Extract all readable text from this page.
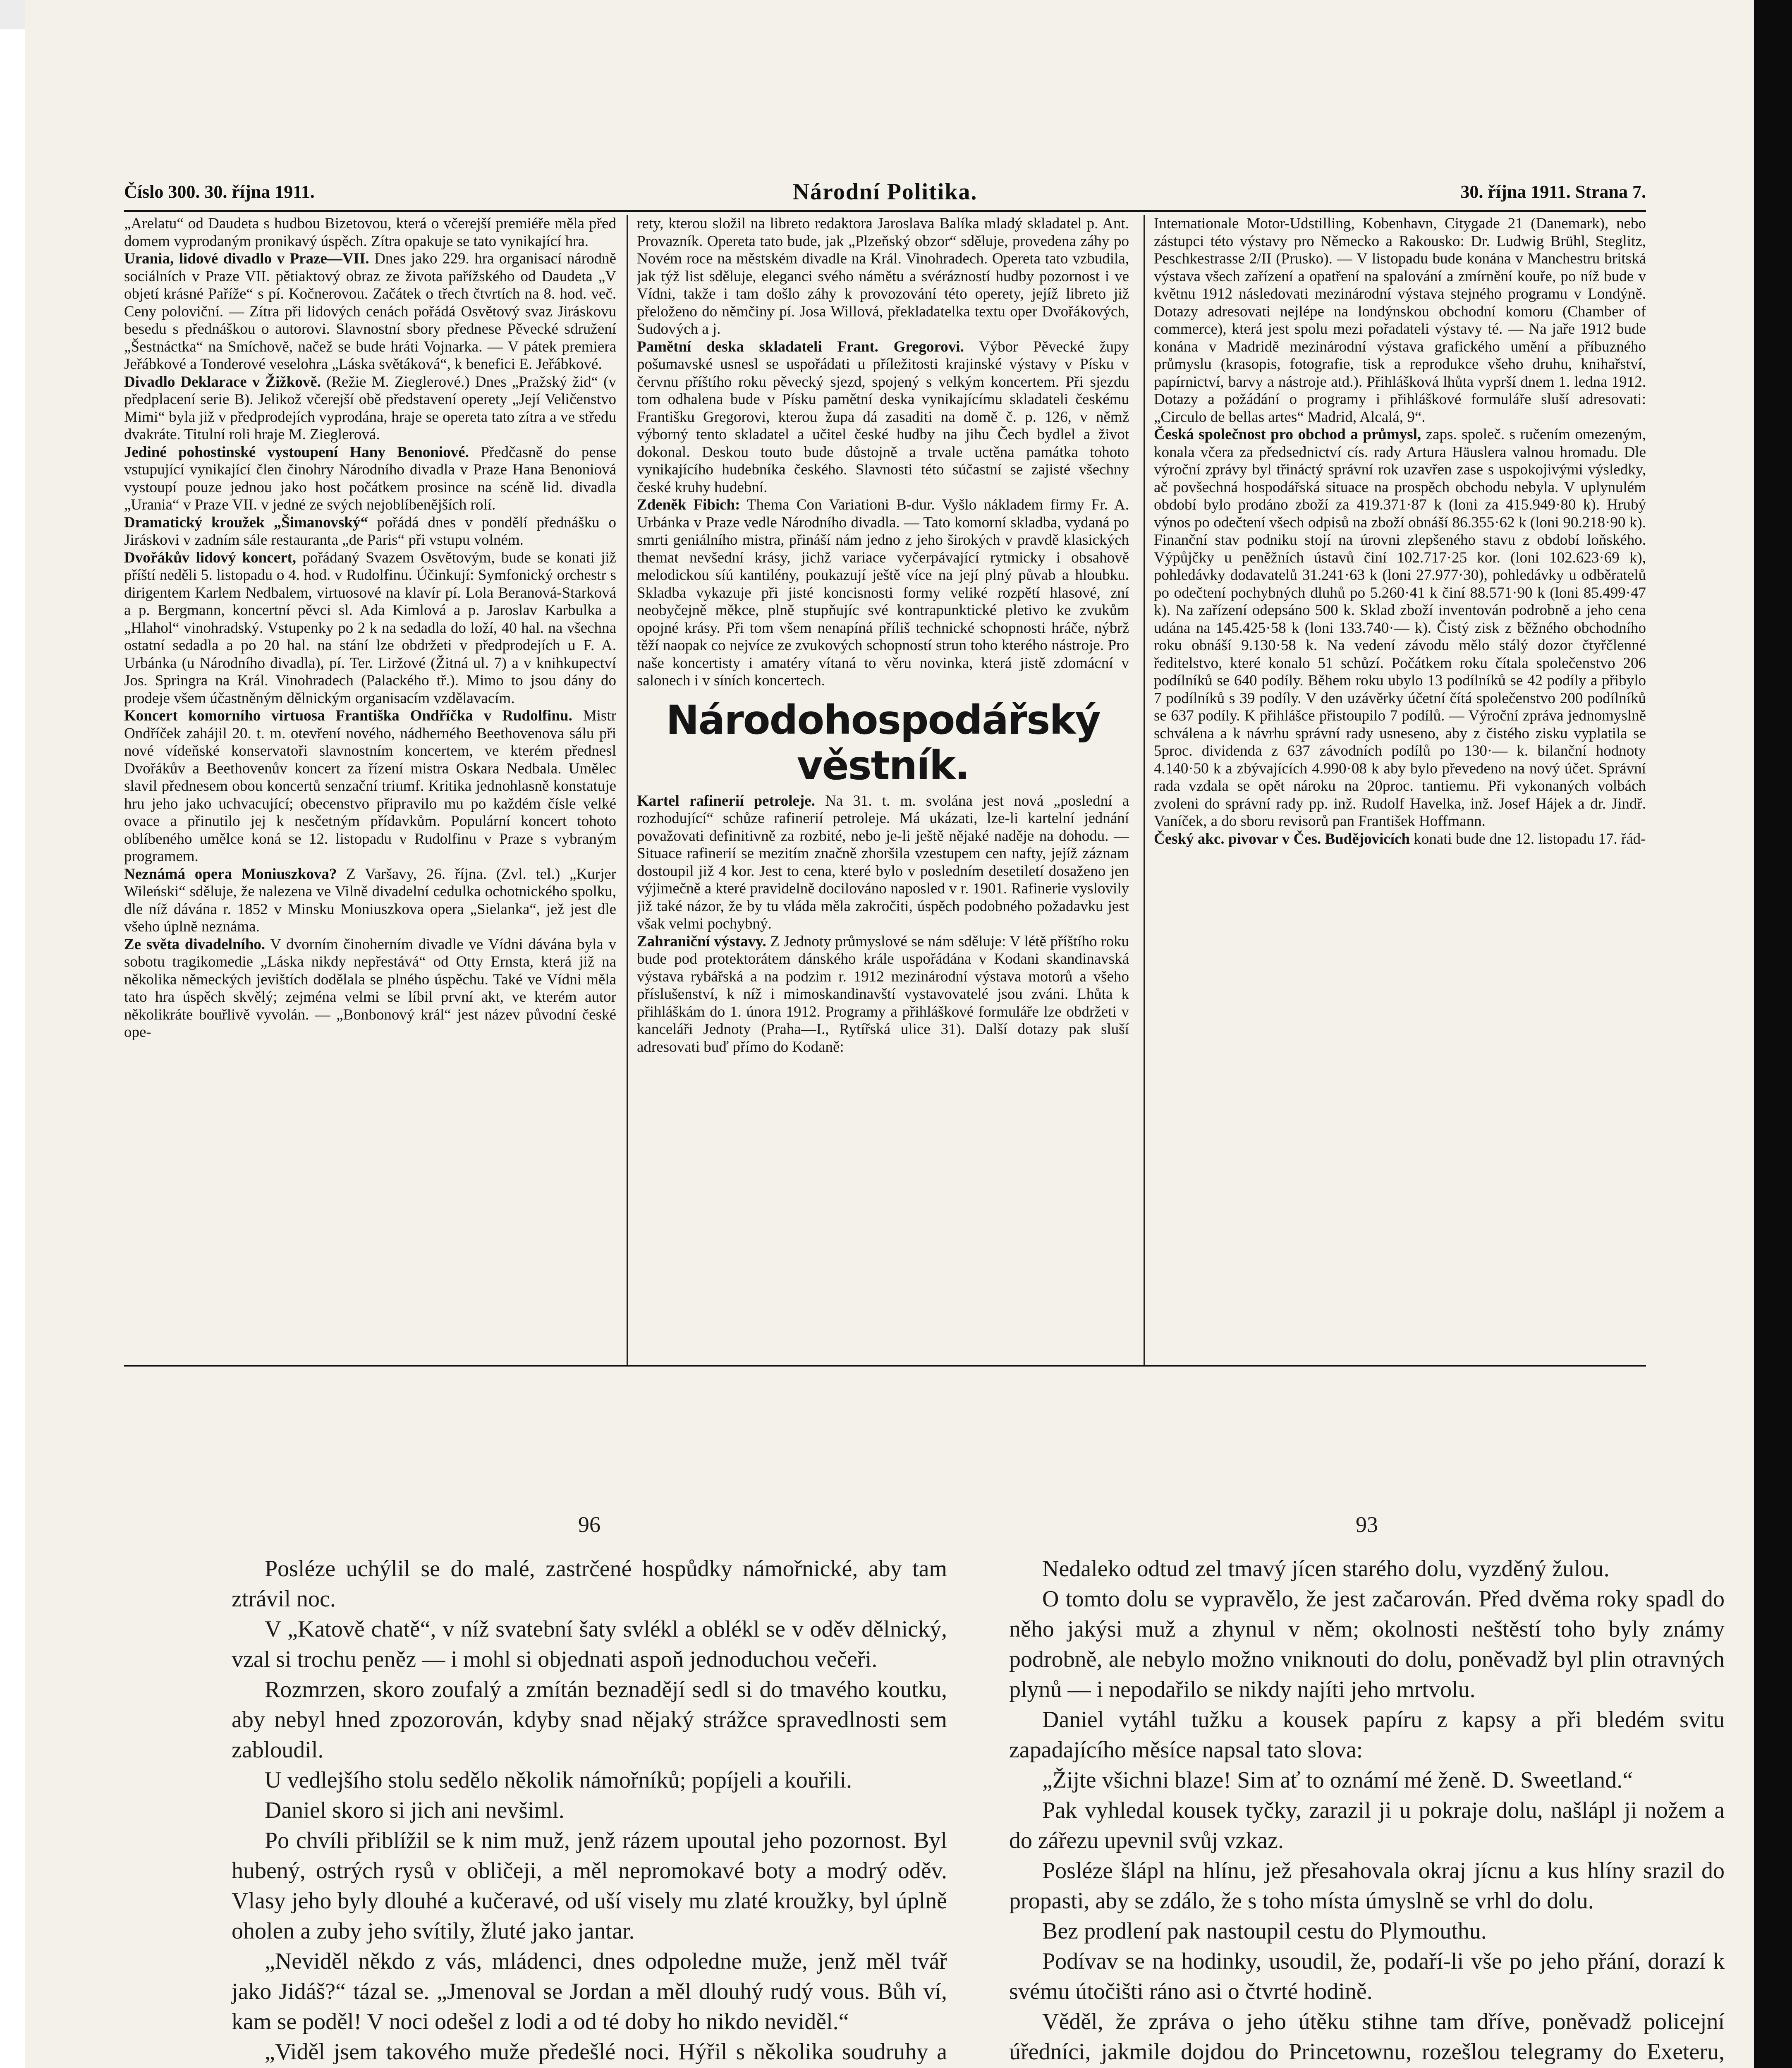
Číslo 300. 30. října 1911.	Národní Politika.	30. října 1911. Strana 7.

„Arelatu“ od Daudeta s hudbou Bizetovou, která o včerejší premiéře měla před domem vyprodaným pronikavý úspěch. Zítra opakuje se tato vynikající hra.

Urania, lidové divadlo v Praze—VII. Dnes jako 229. hra organisací národně sociálních v Praze VII. pětiaktový obraz ze života pařížského od Daudeta „V objetí krásné Paříže“ s pí. Kočnerovou. Začátek o třech čtvrtích na 8. hod. več. Ceny poloviční. — Zítra při lidových cenách pořádá Osvětový svaz Jiráskovu besedu s přednáškou o autorovi. Slavnostní sbory přednese Pěvecké sdružení „Šestnáctka“ na Smíchově, načež se bude hráti Vojnarka. — V pátek premiera Jeřábkové a Tonderové veselohra „Láska světáková“, k benefici E. Jeřábkové.

Divadlo Deklarace v Žižkově. (Režie M. Zieglerové.) Dnes „Pražský žid“ (v předplacení serie B). Jelikož včerejší obě představení operety „Její Veličenstvo Mimi“ byla již v předprodejích vyprodána, hraje se opereta tato zítra a ve středu dvakráte. Titulní roli hraje M. Zieglerová.

Jediné pohostinské vystoupení Hany Benoniové. Předčasně do pense vstupující vynikající člen činohry Národního divadla v Praze Hana Benoniová vystoupí pouze jednou jako host počátkem prosince na scéně lid. divadla „Urania“ v Praze VII. v jedné ze svých nejoblíbenějších rolí.

Dramatický kroužek „Šimanovský“ pořádá dnes v pondělí přednášku o Jiráskovi v zadním sále restauranta „de Paris“ při vstupu volném.

Dvořákův lidový koncert, pořádaný Svazem Osvětovým, bude se konati již příští neděli 5. listopadu o 4. hod. v Rudolfinu. Účinkují: Symfonický orchestr s dirigentem Karlem Nedbalem, virtuosové na klavír pí. Lola Beranová-Starková a p. Bergmann, koncertní pěvci sl. Ada Kimlová a p. Jaroslav Karbulka a „Hlahol“ vinohradský. Vstupenky po 2 k na sedadla do loží, 40 hal. na všechna ostatní sedadla a po 20 hal. na stání lze obdržeti v předprodejích u F. A. Urbánka (u Národního divadla), pí. Ter. Liržové (Žitná ul. 7) a v knihkupectví Jos. Springra na Král. Vinohradech (Palackého tř.). Mimo to jsou dány do prodeje všem účastněným dělnickým organisacím vzdělavacím.

Koncert komorního virtuosa Františka Ondříčka v Rudolfinu. Mistr Ondříček zahájil 20. t. m. otevření nového, nádherného Beethovenova sálu při nové vídeňské konservatoři slavnostním koncertem, ve kterém přednesl Dvořákův a Beethovenův koncert za řízení mistra Oskara Nedbala. Umělec slavil přednesem obou koncertů senzační triumf. Kritika jednohlasně konstatuje hru jeho jako uchvacující; obecenstvo připravilo mu po každém čísle velké ovace a přinutilo jej k nesčetným přídavkům. Populární koncert tohoto oblíbeného umělce koná se 12. listopadu v Rudolfinu v Praze s vybraným programem.

Neznámá opera Moniuszkova? Z Varšavy, 26. října. (Zvl. tel.) „Kurjer Wileński“ sděluje, že nalezena ve Vilně divadelní cedulka ochotnického spolku, dle níž dávána r. 1852 v Minsku Moniuszkova opera „Sielanka“, jež jest dle všeho úplně neznáma.

Ze světa divadelního. V dvorním činoherním divadle ve Vídni dávána byla v sobotu tragikomedie „Láska nikdy nepřestává“ od Otty Ernsta, která již na několika německých jevištích dodělala se plného úspěchu. Také ve Vídni měla tato hra úspěch skvělý; zejména velmi se líbil první akt, ve kterém autor několikráte bouřlivě vyvolán. — „Bonbonový král“ jest název původní české ope-

rety, kterou složil na libreto redaktora Jaroslava Balíka mladý skladatel p. Ant. Provazník. Opereta tato bude, jak „Plzeňský obzor“ sděluje, provedena záhy po Novém roce na městském divadle na Král. Vinohradech. Opereta tato vzbudila, jak týž list sděluje, eleganci svého námětu a svérázností hudby pozornost i ve Vídni, takže i tam došlo záhy k provozování této operety, jejíž libreto již přeloženo do němčiny pí. Josa Willová, překladatelka textu oper Dvořákových, Sudových a j.

Pamětní deska skladateli Frant. Gregorovi. Výbor Pěvecké župy pošumavské usnesl se uspořádati u příležitosti krajinské výstavy v Písku v červnu příštího roku pěvecký sjezd, spojený s velkým koncertem. Při sjezdu tom odhalena bude v Písku pamětní deska vynikajícímu skladateli českému Františku Gregorovi, kterou župa dá zasaditi na domě č. p. 126, v němž výborný tento skladatel a učitel české hudby na jihu Čech bydlel a život dokonal. Deskou touto bude důstojně a trvale uctěna památka tohoto vynikajícího hudebníka českého. Slavnosti této súčastní se zajisté všechny české kruhy hudební.

Zdeněk Fibich: Thema Con Variationi B-dur. Vyšlo nákladem firmy Fr. A. Urbánka v Praze vedle Národního divadla. — Tato komorní skladba, vydaná po smrti geniálního mistra, přináší nám jedno z jeho širokých v pravdě klasických themat nevšední krásy, jichž variace vyčerpávající rytmicky i obsahově melodickou síú kantilény, poukazují ještě více na její plný půvab a hloubku. Skladba vykazuje při jisté koncisnosti formy veliké rozpětí hlasové, zní neobyčejně měkce, plně stupňujíc své kontrapunktické pletivo ke zvukům opojné krásy. Při tom všem nenapíná příliš technické schopnosti hráče, nýbrž těží naopak co nejvíce ze zvukových schopností strun toho kterého nástroje. Pro naše koncertisty i amatéry vítaná to věru novinka, která jistě zdomácní v salonech i v síních koncertech.

Národohospodářský věstník.

Kartel rafinerií petroleje. Na 31. t. m. svolána jest nová „poslední a rozhodující“ schůze rafinerií petroleje. Má ukázati, lze-li kartelní jednání považovati definitivně za rozbité, nebo je-li ještě nějaké naděje na dohodu. — Situace rafinerií se mezitím značně zhoršila vzestupem cen nafty, jejíž záznam dostoupil již 4 kor. Jest to cena, které bylo v posledním desetiletí dosaženo jen výjimečně a které pravidelně docilováno naposled v r. 1901. Rafinerie vyslovily již také názor, že by tu vláda měla zakročiti, úspěch podobného požadavku jest však velmi pochybný.

Zahraniční výstavy. Z Jednoty průmyslové se nám sděluje: V létě příštího roku bude pod protektorátem dánského krále uspořádána v Kodani skandinavská výstava rybářská a na podzim r. 1912 mezinárodní výstava motorů a všeho příslušenství, k níž i mimoskandinavští vystavovatelé jsou zváni. Lhůta k přihláškám do 1. února 1912. Programy a přihláškové formuláře lze obdržeti v kanceláři Jednoty (Praha—I., Rytířská ulice 31). Další dotazy pak sluší adresovati buď přímo do Kodaně:

Internationale Motor-Udstilling, Kobenhavn, Citygade 21 (Danemark), nebo zástupci této výstavy pro Německo a Rakousko: Dr. Ludwig Brühl, Steglitz, Peschkestrasse 2/II (Prusko). — V listopadu bude konána v Manchestru britská výstava všech zařízení a opatření na spalování a zmírnění kouře, po níž bude v květnu 1912 následovati mezinárodní výstava stejného programu v Londýně. Dotazy adresovati nejlépe na londýnskou obchodní komoru (Chamber of commerce), která jest spolu mezi pořadateli výstavy té. — Na jaře 1912 bude konána v Madridě mezinárodní výstava grafického umění a příbuzného průmyslu (krasopis, fotografie, tisk a reprodukce všeho druhu, knihařství, papírnictví, barvy a nástroje atd.). Přihlášková lhůta vyprší dnem 1. ledna 1912. Dotazy a požádání o programy i přihláškové formuláře sluší adresovati: „Circulo de bellas artes“ Madrid, Alcalá, 9“.

Česká společnost pro obchod a průmysl, zaps. společ. s ručením omezeným, konala včera za předsednictví cís. rady Artura Häuslera valnou hromadu. Dle výroční zprávy byl třináctý správní rok uzavřen zase s uspokojivými výsledky, ač povšechná hospodářská situace na prospěch obchodu nebyla. V uplynulém období bylo prodáno zboží za 419.371·87 k (loni za 415.949·80 k). Hrubý výnos po odečtení všech odpisů na zboží obnáší 86.355·62 k (loni 90.218·90 k). Finanční stav podniku stojí na úrovni zlepšeného stavu z období loňského. Výpůjčky u peněžních ústavů činí 102.717·25 kor. (loni 102.623·69 k), pohledávky dodavatelů 31.241·63 k (loni 27.977·30), pohledávky u odběratelů po odečtení pochybných dluhů po 5.260·41 k činí 88.571·90 k (loni 85.499·47 k). Na zařízení odepsáno 500 k. Sklad zboží inventován podrobně a jeho cena udána na 145.425·58 k (loni 133.740·— k). Čistý zisk z běžného obchodního roku obnáší 9.130·58 k. Na vedení závodu mělo stálý dozor čtyřčlenné ředitelstvo, které konalo 51 schůzí. Počátkem roku čítala společenstvo 206 podílníků se 640 podíly. Během roku ubylo 13 podílníků se 42 podíly a přibylo 7 podílníků s 39 podíly. V den uzávěrky účetní čítá společenstvo 200 podílníků se 637 podíly. K přihlášce přistoupilo 7 podílů. — Výroční zpráva jednomyslně schválena a k návrhu správní rady usneseno, aby z čistého zisku vyplatila se 5proc. dividenda z 637 závodních podílů po 130·— k. bilanční hodnoty 4.140·50 k a zbývajících 4.990·08 k aby bylo převedeno na nový účet. Správní rada vzdala se opět nároku na 20proc. tantiemu. Při vykonaných volbách zvoleni do správní rady pp. inž. Rudolf Havelka, inž. Josef Hájek a dr. Jindř. Vaníček, a do sboru revisorů pan František Hoffmann.

Český akc. pivovar v Čes. Budějovicích konati bude dne 12. listopadu 17. řád-

96

Posléze uchýlil se do malé, zastrčené hospůdky námořnické, aby tam ztrávil noc.

V „Katově chatě“, v níž svatební šaty svlékl a oblékl se v oděv dělnický, vzal si trochu peněz — i mohl si objednati aspoň jednoduchou večeři.

Rozmrzen, skoro zoufalý a zmítán beznadějí sedl si do tmavého koutku, aby nebyl hned zpozorován, kdyby snad nějaký strážce spravedlnosti sem zabloudil.

U vedlejšího stolu sedělo několik námořníků; popíjeli a kouřili.

Daniel skoro si jich ani nevšiml.

Po chvíli přiblížil se k nim muž, jenž rázem upoutal jeho pozornost. Byl hubený, ostrých rysů v obličeji, a měl nepromokavé boty a modrý oděv. Vlasy jeho byly dlouhé a kučeravé, od uší visely mu zlaté kroužky, byl úplně oholen a zuby jeho svítily, žluté jako jantar.

„Neviděl někdo z vás, mládenci, dnes odpoledne muže, jenž měl tvář jako Jidáš?“ tázal se. „Jmenoval se Jordan a měl dlouhý rudý vous. Bůh ví, kam se poděl! V noci odešel z lodi a od té doby ho nikdo neviděl.“

„Viděl jsem takového muže předešlé noci. Hýřil s několika soudruhy a

93

Nedaleko odtud zel tmavý jícen starého dolu, vyzděný žulou.

O tomto dolu se vypravělo, že jest začarován. Před dvěma roky spadl do něho jakýsi muž a zhynul v něm; okolnosti neštěstí toho byly známy podrobně, ale nebylo možno vniknouti do dolu, poněvadž byl plin otravných plynů — i nepodařilo se nikdy najíti jeho mrtvolu.

Daniel vytáhl tužku a kousek papíru z kapsy a při bledém svitu zapadajícího měsíce napsal tato slova:

„Žijte všichni blaze! Sim ať to oznámí mé ženě. D. Sweetland.“

Pak vyhledal kousek tyčky, zarazil ji u pokraje dolu, našlápl ji nožem a do zářezu upevnil svůj vzkaz.

Posléze šlápl na hlínu, jež přesahovala okraj jícnu a kus hlíny srazil do propasti, aby se zdálo, že s toho místa úmyslně se vrhl do dolu.

Bez prodlení pak nastoupil cestu do Plymouthu.

Podívav se na hodinky, usoudil, že, podaří-li vše po jeho přání, dorazí k svému útočišti ráno asi o čtvrté hodině.

Věděl, že zpráva o jeho útěku stihne tam dříve, poněvadž policejní úředníci, jakmile dojdou do Princetownu, rozešlou telegramy do Exeteru,
